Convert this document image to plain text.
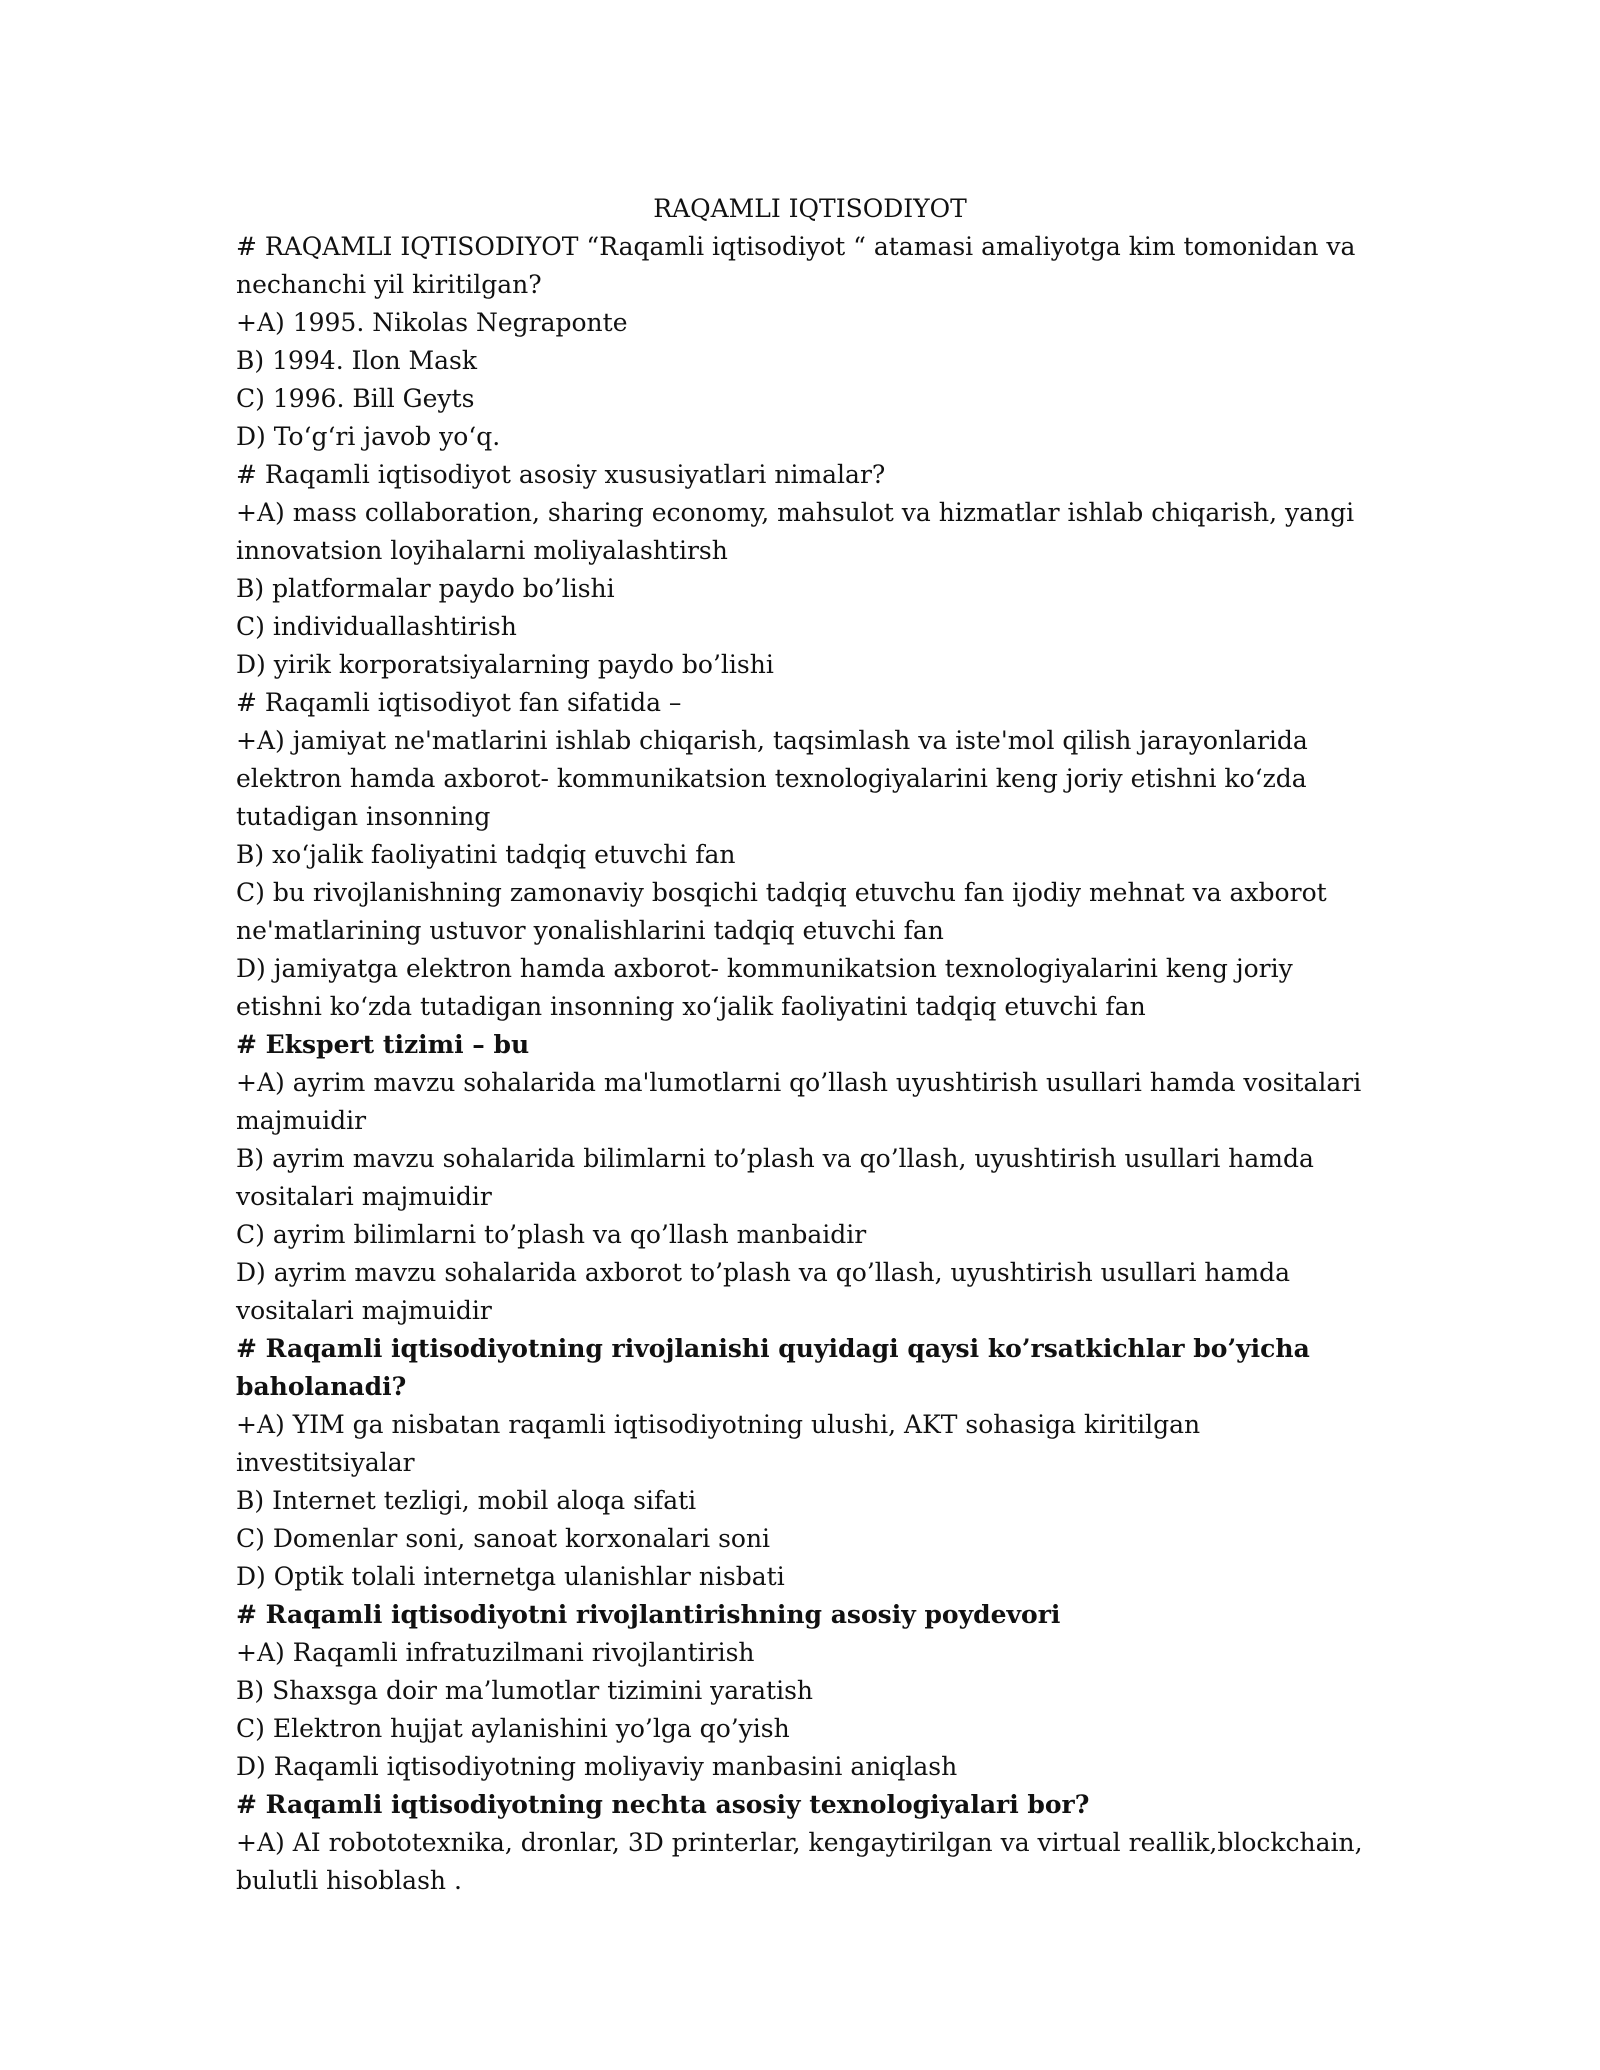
RAQAMLI IQTISODIYOT

# RAQAMLI IQTISODIYOT “Raqamli iqtisodiyot “ atamasi amaliyotga kim tomonidan va nechanchi yil kiritilgan?

+A) 1995. Nikolas Negraponte

B) 1994. Ilon Mask

C) 1996. Bill Geyts

D) To‘g‘ri javob yo‘q.

# Raqamli iqtisodiyot asosiy xususiyatlari nimalar?

+A) mass collaboration, sharing economy, mahsulot va hizmatlar ishlab chiqarish, yangi innovatsion loyihalarni moliyalashtirsh

B) platformalar paydo bo’lishi

C) individuallashtirish

D) yirik korporatsiyalarning paydo bo’lishi

# Raqamli iqtisodiyot fan sifatida –

+A) jamiyat ne'matlarini ishlab chiqarish, taqsimlash va iste'mol qilish jarayonlarida elektron hamda axborot- kommunikatsion texnologiyalarini keng joriy etishni ko‘zda tutadigan insonning

B) xo‘jalik faoliyatini tadqiq etuvchi fan

C) bu rivojlanishning zamonaviy bosqichi tadqiq etuvchu fan ijodiy mehnat va axborot ne'matlarining ustuvor yonalishlarini tadqiq etuvchi fan

D) jamiyatga elektron hamda axborot- kommunikatsion texnologiyalarini keng joriy etishni ko‘zda tutadigan insonning xo‘jalik faoliyatini tadqiq etuvchi fan

# Ekspert tizimi – bu

+A) ayrim mavzu sohalarida ma'lumotlarni qo’llash uyushtirish usullari hamda vositalari majmuidir

B) ayrim mavzu sohalarida bilimlarni to’plash va qo’llash, uyushtirish usullari hamda vositalari majmuidir

C) ayrim bilimlarni to’plash va qo’llash manbaidir

D) ayrim mavzu sohalarida axborot to’plash va qo’llash, uyushtirish usullari hamda vositalari majmuidir

# Raqamli iqtisodiyotning rivojlanishi quyidagi qaysi ko’rsatkichlar bo’yicha baholanadi?

+A) YIM ga nisbatan raqamli iqtisodiyotning ulushi, AKT sohasiga kiritilgan investitsiyalar

B) Internet tezligi, mobil aloqa sifati

C) Domenlar soni, sanoat korxonalari soni

D) Optik tolali internetga ulanishlar nisbati

# Raqamli iqtisodiyotni rivojlantirishning asosiy poydevori

+A) Raqamli infratuzilmani rivojlantirish

B) Shaxsga doir ma’lumotlar tizimini yaratish

C) Elektron hujjat aylanishini yo’lga qo’yish

D) Raqamli iqtisodiyotning moliyaviy manbasini aniqlash

# Raqamli iqtisodiyotning nechta asosiy texnologiyalari bor?

+A) AI robototexnika, dronlar, 3D printerlar, kengaytirilgan va virtual reallik,blockchain, bulutli hisoblash .
